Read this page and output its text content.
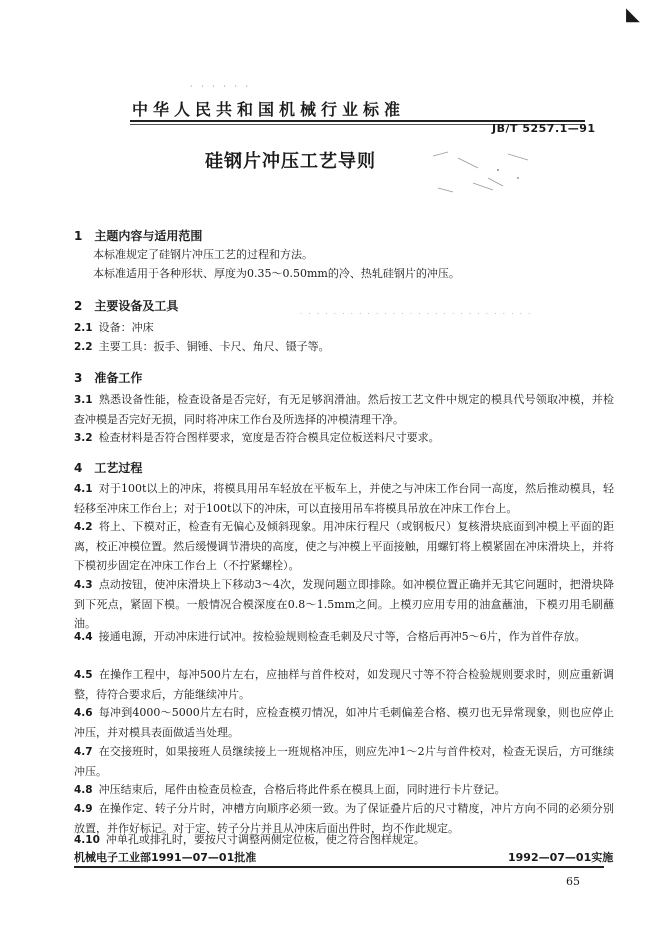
◣
· · · · · ·
中华人民共和国机械行业标准
JB/T 5257.1—91
硅钢片冲压工艺导则
1　主题内容与适用范围
本标准规定了硅钢片冲压工艺的过程和方法。
本标准适用于各种形状、厚度为0.35～0.50mm的冷、热轧硅钢片的冲压。
2　主要设备及工具
· · · · · · · · · · · · · · · · · · · · · · · · · · · ·
2.1 设备：冲床
2.2 主要工具：扳手、铜锤、卡尺、角尺、镊子等。
3　准备工作
3.1 熟悉设备性能，检查设备是否完好，有无足够润滑油。然后按工艺文件中规定的模具代号领取冲模，并检查冲模是否完好无损，同时将冲床工作台及所选择的冲模清理干净。
3.2 检查材料是否符合图样要求，宽度是否符合模具定位板送料尺寸要求。
4　工艺过程
4.1 对于100t以上的冲床，将模具用吊车轻放在平板车上，并使之与冲床工作台同一高度，然后推动模具，轻轻移至冲床工作台上；对于100t以下的冲床，可以直接用吊车将模具吊放在冲床工作台上。
4.2 将上、下模对正，检查有无偏心及倾斜现象。用冲床行程尺（或钢板尺）复核滑块底面到冲模上平面的距离，校正冲模位置。然后缓慢调节滑块的高度，使之与冲模上平面接触，用螺钉将上模紧固在冲床滑块上，并将下模初步固定在冲床工作台上（不拧紧螺栓）。
4.3 点动按钮，使冲床滑块上下移动3～4次，发现问题立即排除。如冲模位置正确并无其它问题时，把滑块降到下死点，紧固下模。一般情况合模深度在0.8～1.5mm之间。上模刃应用专用的油盒蘸油，下模刃用毛刷蘸油。
4.4 接通电源，开动冲床进行试冲。按检验规则检查毛刺及尺寸等，合格后再冲5～6片，作为首件存放。
4.5 在操作工程中，每冲500片左右，应抽样与首件校对，如发现尺寸等不符合检验规则要求时，则应重新调整，待符合要求后，方能继续冲片。
4.6 每冲到4000～5000片左右时，应检查模刃情况，如冲片毛刺偏差合格、模刃也无异常现象，则也应停止冲压，并对模具表面做适当处理。
4.7 在交接班时，如果接班人员继续接上一班规格冲压，则应先冲1～2片与首件校对，检查无误后，方可继续冲压。
4.8 冲压结束后，尾件由检查员检查，合格后将此件系在模具上面，同时进行卡片登记。
4.9 在操作定、转子分片时，冲槽方向顺序必须一致。为了保证叠片后的尺寸精度，冲片方向不同的必须分别放置，并作好标记。对于定、转子分片并且从冲床后面出件时，均不作此规定。
4.10 冲单孔或排孔时，要按尺寸调整两侧定位板，使之符合图样规定。
机械电子工业部1991—07—01批准	1992—07—01实施
65
